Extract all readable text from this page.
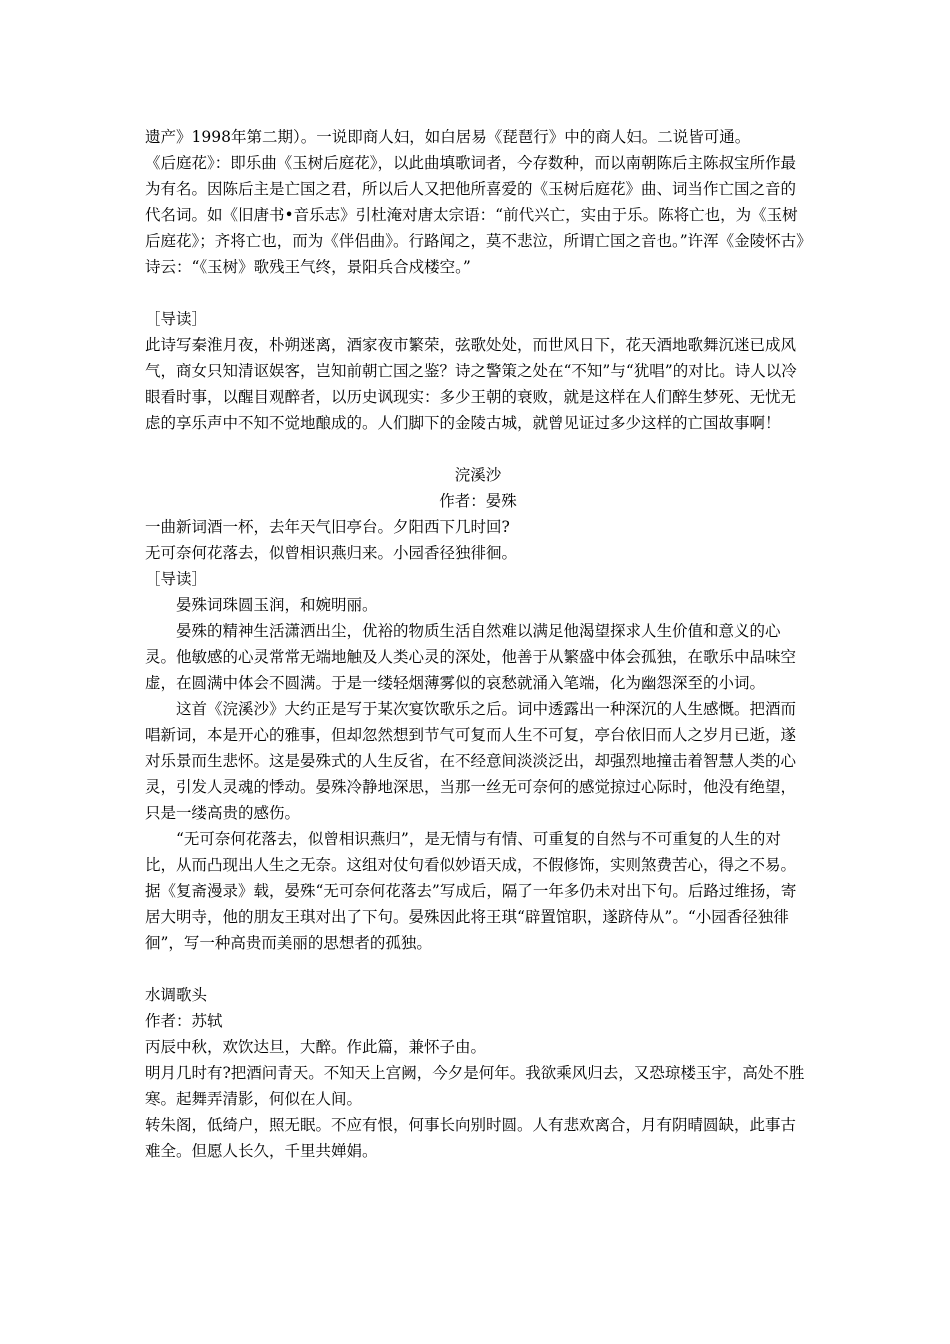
遗产》1998年第二期）。一说即商人妇，如白居易《琵琶行》中的商人妇。二说皆可通。

《后庭花》：即乐曲《玉树后庭花》，以此曲填歌词者，今存数种，而以南朝陈后主陈叔宝所作最为有名。因陈后主是亡国之君，所以后人又把他所喜爱的《玉树后庭花》曲、词当作亡国之音的代名词。如《旧唐书•音乐志》引杜淹对唐太宗语：“前代兴亡，实由于乐。陈将亡也，为《玉树后庭花》；齐将亡也，而为《伴侣曲》。行路闻之，莫不悲泣，所谓亡国之音也。”许浑《金陵怀古》诗云：“《玉树》歌残王气终，景阳兵合戍楼空。”

［导读］

此诗写秦淮月夜，朴朔迷离，酒家夜市繁荣，弦歌处处，而世风日下，花天酒地歌舞沉迷已成风气，商女只知清讴娱客，岂知前朝亡国之鉴？诗之警策之处在“不知”与“犹唱”的对比。诗人以冷眼看时事，以醒目观醉者，以历史讽现实：多少王朝的衰败，就是这样在人们醉生梦死、无忧无虑的享乐声中不知不觉地酿成的。人们脚下的金陵古城，就曾见证过多少这样的亡国故事啊！

浣溪沙

作者：晏殊

一曲新词酒一杯，去年天气旧亭台。夕阳西下几时回?

无可奈何花落去，似曾相识燕归来。小园香径独徘徊。

［导读］

晏殊词珠圆玉润，和婉明丽。

晏殊的精神生活潇洒出尘，优裕的物质生活自然难以满足他渴望探求人生价值和意义的心灵。他敏感的心灵常常无端地触及人类心灵的深处，他善于从繁盛中体会孤独，在歌乐中品味空虚，在圆满中体会不圆满。于是一缕轻烟薄雾似的哀愁就涌入笔端，化为幽怨深至的小词。

这首《浣溪沙》大约正是写于某次宴饮歌乐之后。词中透露出一种深沉的人生感慨。把酒而唱新词，本是开心的雅事，但却忽然想到节气可复而人生不可复，亭台依旧而人之岁月已逝，遂对乐景而生悲怀。这是晏殊式的人生反省，在不经意间淡淡泛出，却强烈地撞击着智慧人类的心灵，引发人灵魂的悸动。晏殊冷静地深思，当那一丝无可奈何的感觉掠过心际时，他没有绝望，只是一缕高贵的感伤。

“无可奈何花落去，似曾相识燕归”，是无情与有情、可重复的自然与不可重复的人生的对比，从而凸现出人生之无奈。这组对仗句看似妙语天成，不假修饰，实则煞费苦心，得之不易。据《复斋漫录》载，晏殊“无可奈何花落去”写成后，隔了一年多仍未对出下句。后路过维扬，寄居大明寺，他的朋友王琪对出了下句。晏殊因此将王琪“辟置馆职，遂跻侍从”。“小园香径独徘徊”，写一种高贵而美丽的思想者的孤独。

水调歌头

作者：苏轼

丙辰中秋，欢饮达旦，大醉。作此篇，兼怀子由。

明月几时有?把酒问青天。不知天上宫阙，今夕是何年。我欲乘风归去，又恐琼楼玉宇，高处不胜寒。起舞弄清影，何似在人间。

转朱阁，低绮户，照无眠。不应有恨，何事长向别时圆。人有悲欢离合，月有阴晴圆缺，此事古难全。但愿人长久，千里共婵娟。
